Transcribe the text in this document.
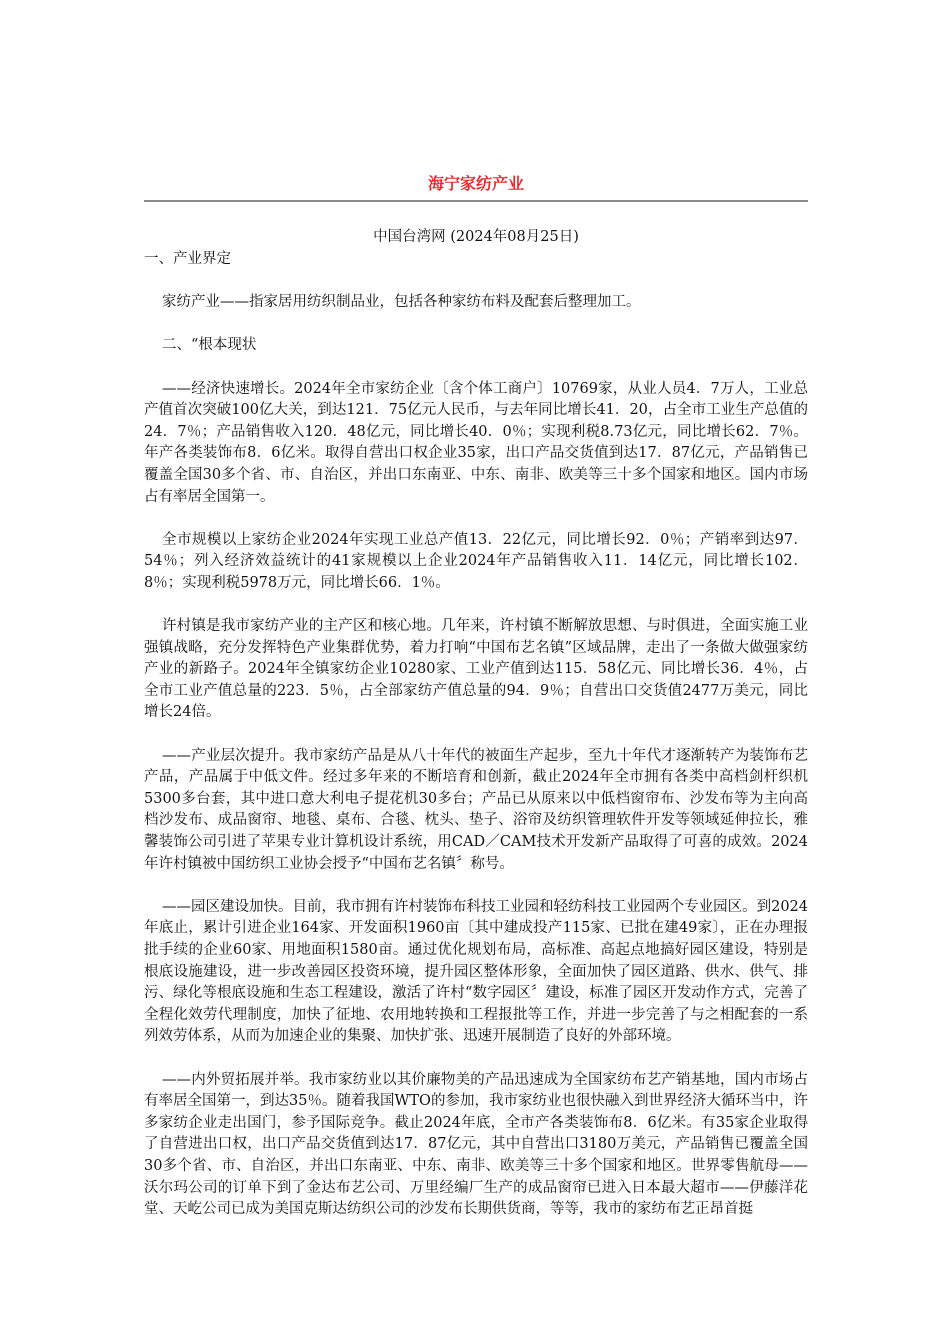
海宁家纺产业
中国台湾网 (2024年08月25日)

一、产业界定

家纺产业——指家居用纺织制品业，包括各种家纺布料及配套后整理加工。

二、“根本现状

——经济快速增长。2024年全市家纺企业〔含个体工商户〕10769家，从业人员4．7万人，工业总产值首次突破100亿大关，到达121．75亿元人民币，与去年同比增长41．20，占全市工业生产总值的24．7％；产品销售收入120．48亿元，同比增长40．0％；实现利税8.73亿元，同比增长62．7％。年产各类装饰布8．6亿米。取得自营出口权企业35家，出口产品交货值到达17．87亿元，产品销售已覆盖全国30多个省、市、自治区，并出口东南亚、中东、南非、欧美等三十多个国家和地区。国内市场占有率居全国第一。

全市规模以上家纺企业2024年实现工业总产值13．22亿元，同比增长92．0％；产销率到达97．54％；列入经济效益统计的41家规模以上企业2024年产品销售收入11．14亿元，同比增长102．8％；实现利税5978万元，同比增长66．1％。

许村镇是我市家纺产业的主产区和核心地。几年来，许村镇不断解放思想、与时俱进，全面实施工业强镇战略，充分发挥特色产业集群优势，着力打响“中国布艺名镇”区域品牌，走出了一条做大做强家纺产业的新路子。2024年全镇家纺企业10280家、工业产值到达115．58亿元、同比增长36．4％，占全市工业产值总量的223．5％，占全部家纺产值总量的94．9％；自营出口交货值2477万美元，同比增长24倍。

——产业层次提升。我市家纺产品是从八十年代的被面生产起步，至九十年代才逐渐转产为装饰布艺产品，产品属于中低文件。经过多年来的不断培育和创新，截止2024年全市拥有各类中高档剑杆织机5300多台套，其中进口意大利电子提花机30多台；产品已从原来以中低档窗帘布、沙发布等为主向高档沙发布、成品窗帘、地毯、桌布、合毯、枕头、垫子、浴帘及纺织管理软件开发等领域延伸拉长，雅馨装饰公司引进了苹果专业计算机设计系统，用CAD／CAM技术开发新产品取得了可喜的成效。2024年许村镇被中国纺织工业协会授予“中国布艺名镇〞称号。

——园区建设加快。目前，我市拥有许村装饰布科技工业园和轻纺科技工业园两个专业园区。到2024年底止，累计引进企业164家、开发面积1960亩〔其中建成投产115家、已批在建49家〕，正在办理报批手续的企业60家、用地面积1580亩。通过优化规划布局，高标准、高起点地搞好园区建设，特别是根底设施建设，进一步改善园区投资环境，提升园区整体形象，全面加快了园区道路、供水、供气、排污、绿化等根底设施和生态工程建设，激活了许村“数字园区〞建设，标准了园区开发动作方式，完善了全程化效劳代理制度，加快了征地、农用地转换和工程报批等工作，并进一步完善了与之相配套的一系列效劳体系，从而为加速企业的集聚、加快扩张、迅速开展制造了良好的外部环境。

——内外贸拓展并举。我市家纺业以其价廉物美的产品迅速成为全国家纺布艺产销基地，国内市场占有率居全国第一，到达35％。随着我国WTO的参加，我市家纺业也很快融入到世界经济大循环当中，许多家纺企业走出国门，参予国际竞争。截止2024年底，全市产各类装饰布8．6亿米。有35家企业取得了自营进出口权，出口产品交货值到达17．87亿元，其中自营出口3180万美元，产品销售已覆盖全国30多个省、市、自治区，并出口东南亚、中东、南非、欧美等三十多个国家和地区。世界零售航母——沃尔玛公司的订单下到了金达布艺公司、万里经编厂生产的成品窗帘已进入日本最大超市——伊藤洋花堂、天屹公司已成为美国克斯达纺织公司的沙发布长期供货商，等等，我市的家纺布艺正昂首挺
